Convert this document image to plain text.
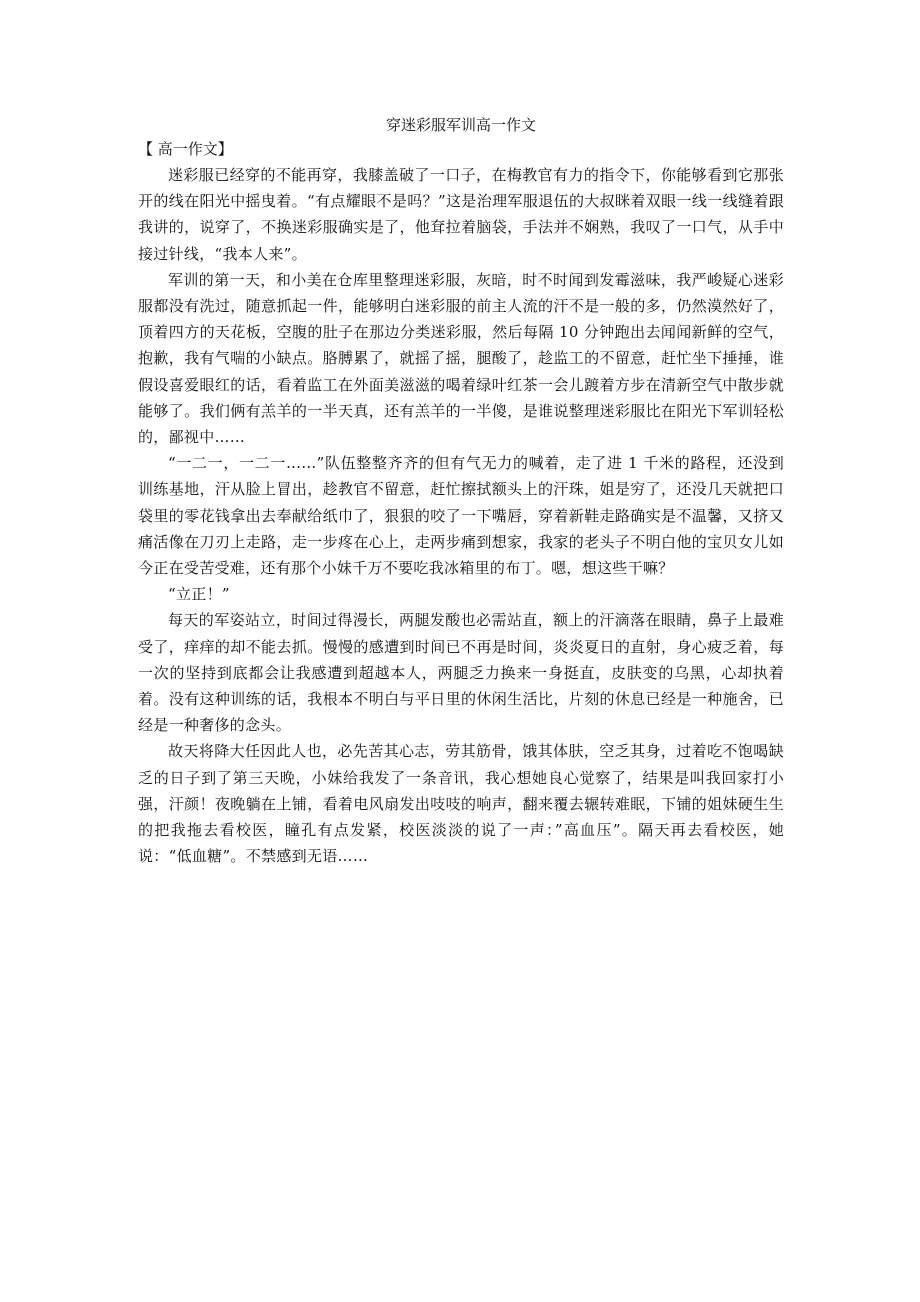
穿迷彩服军训高一作文
【 高一作文】

迷彩服已经穿的不能再穿，我膝盖破了一口子，在梅教官有力的指令下，你能够看到它那张开的线在阳光中摇曳着。“有点耀眼不是吗？”这是治理军服退伍的大叔眯着双眼一线一线缝着跟我讲的，说穿了，不换迷彩服确实是了，他耷拉着脑袋，手法并不娴熟，我叹了一口气，从手中接过针线，“我本人来”。

军训的第一天，和小美在仓库里整理迷彩服，灰暗，时不时闻到发霉滋味，我严峻疑心迷彩服都没有洗过，随意抓起一件，能够明白迷彩服的前主人流的汗不是一般的多，仍然漠然好了，顶着四方的天花板，空腹的肚子在那边分类迷彩服，然后每隔 10 分钟跑出去闻闻新鲜的空气，抱歉，我有气喘的小缺点。胳膊累了，就摇了摇，腿酸了，趁监工的不留意，赶忙坐下捶捶，谁假设喜爱眼红的话，看着监工在外面美滋滋的喝着绿叶红茶一会儿踱着方步在清新空气中散步就能够了。我们俩有羔羊的一半天真，还有羔羊的一半傻，是谁说整理迷彩服比在阳光下军训轻松的，鄙视中……

“一二一，一二一……”队伍整整齐齐的但有气无力的喊着，走了进 1 千米的路程，还没到训练基地，汗从脸上冒出，趁教官不留意，赶忙擦拭额头上的汗珠，姐是穷了，还没几天就把口袋里的零花钱拿出去奉献给纸巾了，狠狠的咬了一下嘴唇，穿着新鞋走路确实是不温馨，又挤又痛活像在刀刃上走路，走一步疼在心上，走两步痛到想家，我家的老头子不明白他的宝贝女儿如今正在受苦受难，还有那个小妹千万不要吃我冰箱里的布丁。嗯，想这些干嘛？

“立正！”

每天的军姿站立，时间过得漫长，两腿发酸也必需站直，额上的汗滴落在眼睛，鼻子上最难受了，痒痒的却不能去抓。慢慢的感遭到时间已不再是时间，炎炎夏日的直射，身心疲乏着，每一次的坚持到底都会让我感遭到超越本人，两腿乏力换来一身挺直，皮肤变的乌黑，心却执着着。没有这种训练的话，我根本不明白与平日里的休闲生活比，片刻的休息已经是一种施舍，已经是一种奢侈的念头。

故天将降大任因此人也，必先苦其心志，劳其筋骨，饿其体肤，空乏其身，过着吃不饱喝缺乏的日子到了第三天晚，小妹给我发了一条音讯，我心想她良心觉察了，结果是叫我回家打小强，汗颜！夜晚躺在上铺，看着电风扇发出吱吱的响声，翻来覆去辗转难眠，下铺的姐妹硬生生的把我拖去看校医，瞳孔有点发紧，校医淡淡的说了一声：”高血压”。隔天再去看校医，她说：“低血糖”。不禁感到无语……
